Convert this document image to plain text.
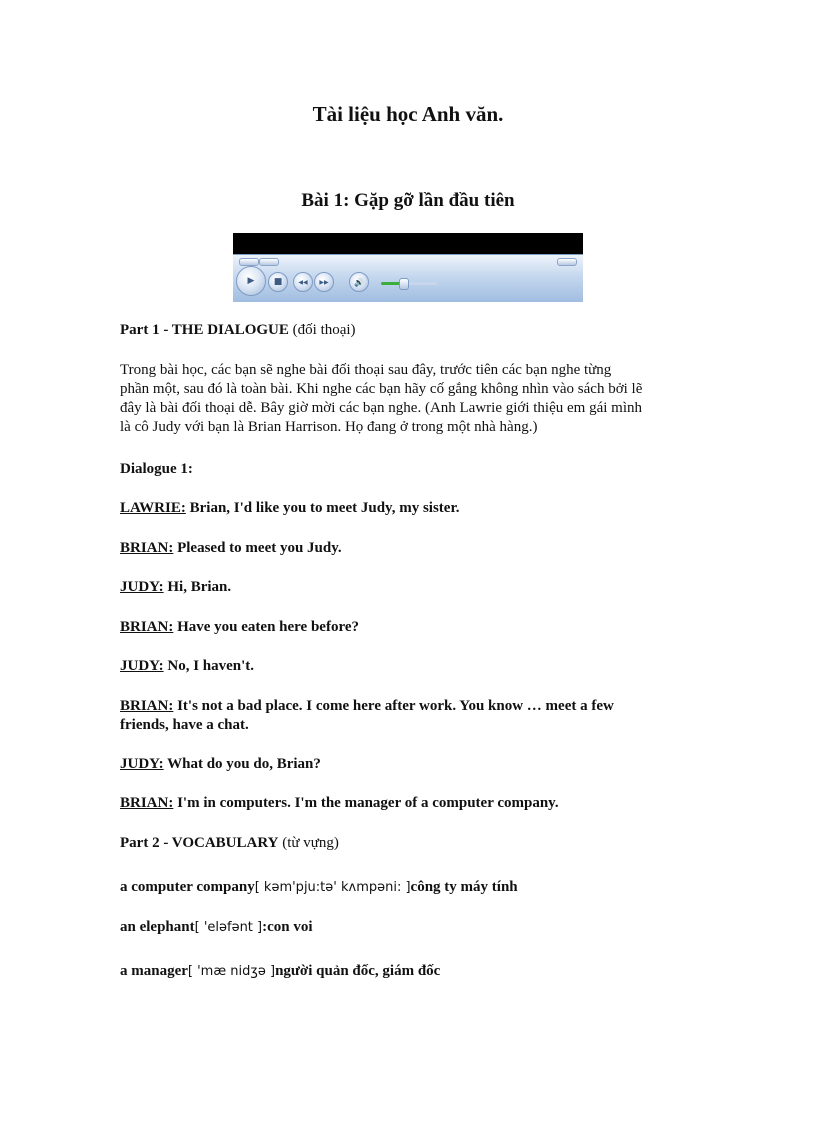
Tài liệu học Anh văn.
Bài 1: Gặp gỡ lần đầu tiên
▶ ■	◀◀ ▶▶	🔊

Part 1 - THE DIALOGUE (đối thoại)

Trong bài học, các bạn sẽ nghe bài đối thoại sau đây, trước tiên các bạn nghe từng
phần một, sau đó là toàn bài. Khi nghe các bạn hãy cố gắng không nhìn vào sách bởi lẽ
đây là bài đối thoại dễ. Bây giờ mời các bạn nghe. (Anh Lawrie giới thiệu em gái mình
là cô Judy với bạn là Brian Harrison. Họ đang ở trong một nhà hàng.)

Dialogue 1:

LAWRIE: Brian, I'd like you to meet Judy, my sister.

BRIAN: Pleased to meet you Judy.

JUDY: Hi, Brian.

BRIAN: Have you eaten here before?

JUDY: No, I haven't.

BRIAN: It's not a bad place. I come here after work. You know … meet a few
friends, have a chat.

JUDY: What do you do, Brian?

BRIAN: I'm in computers. I'm the manager of a computer company.

Part 2 - VOCABULARY (từ vựng)

a computer company[ kəm'pju:tə' kʌmpəni: ]công ty máy tính

an elephant[ 'eləfənt ]:con voi

a manager[ 'mæ nidʒə ]người quản đốc, giám đốc
